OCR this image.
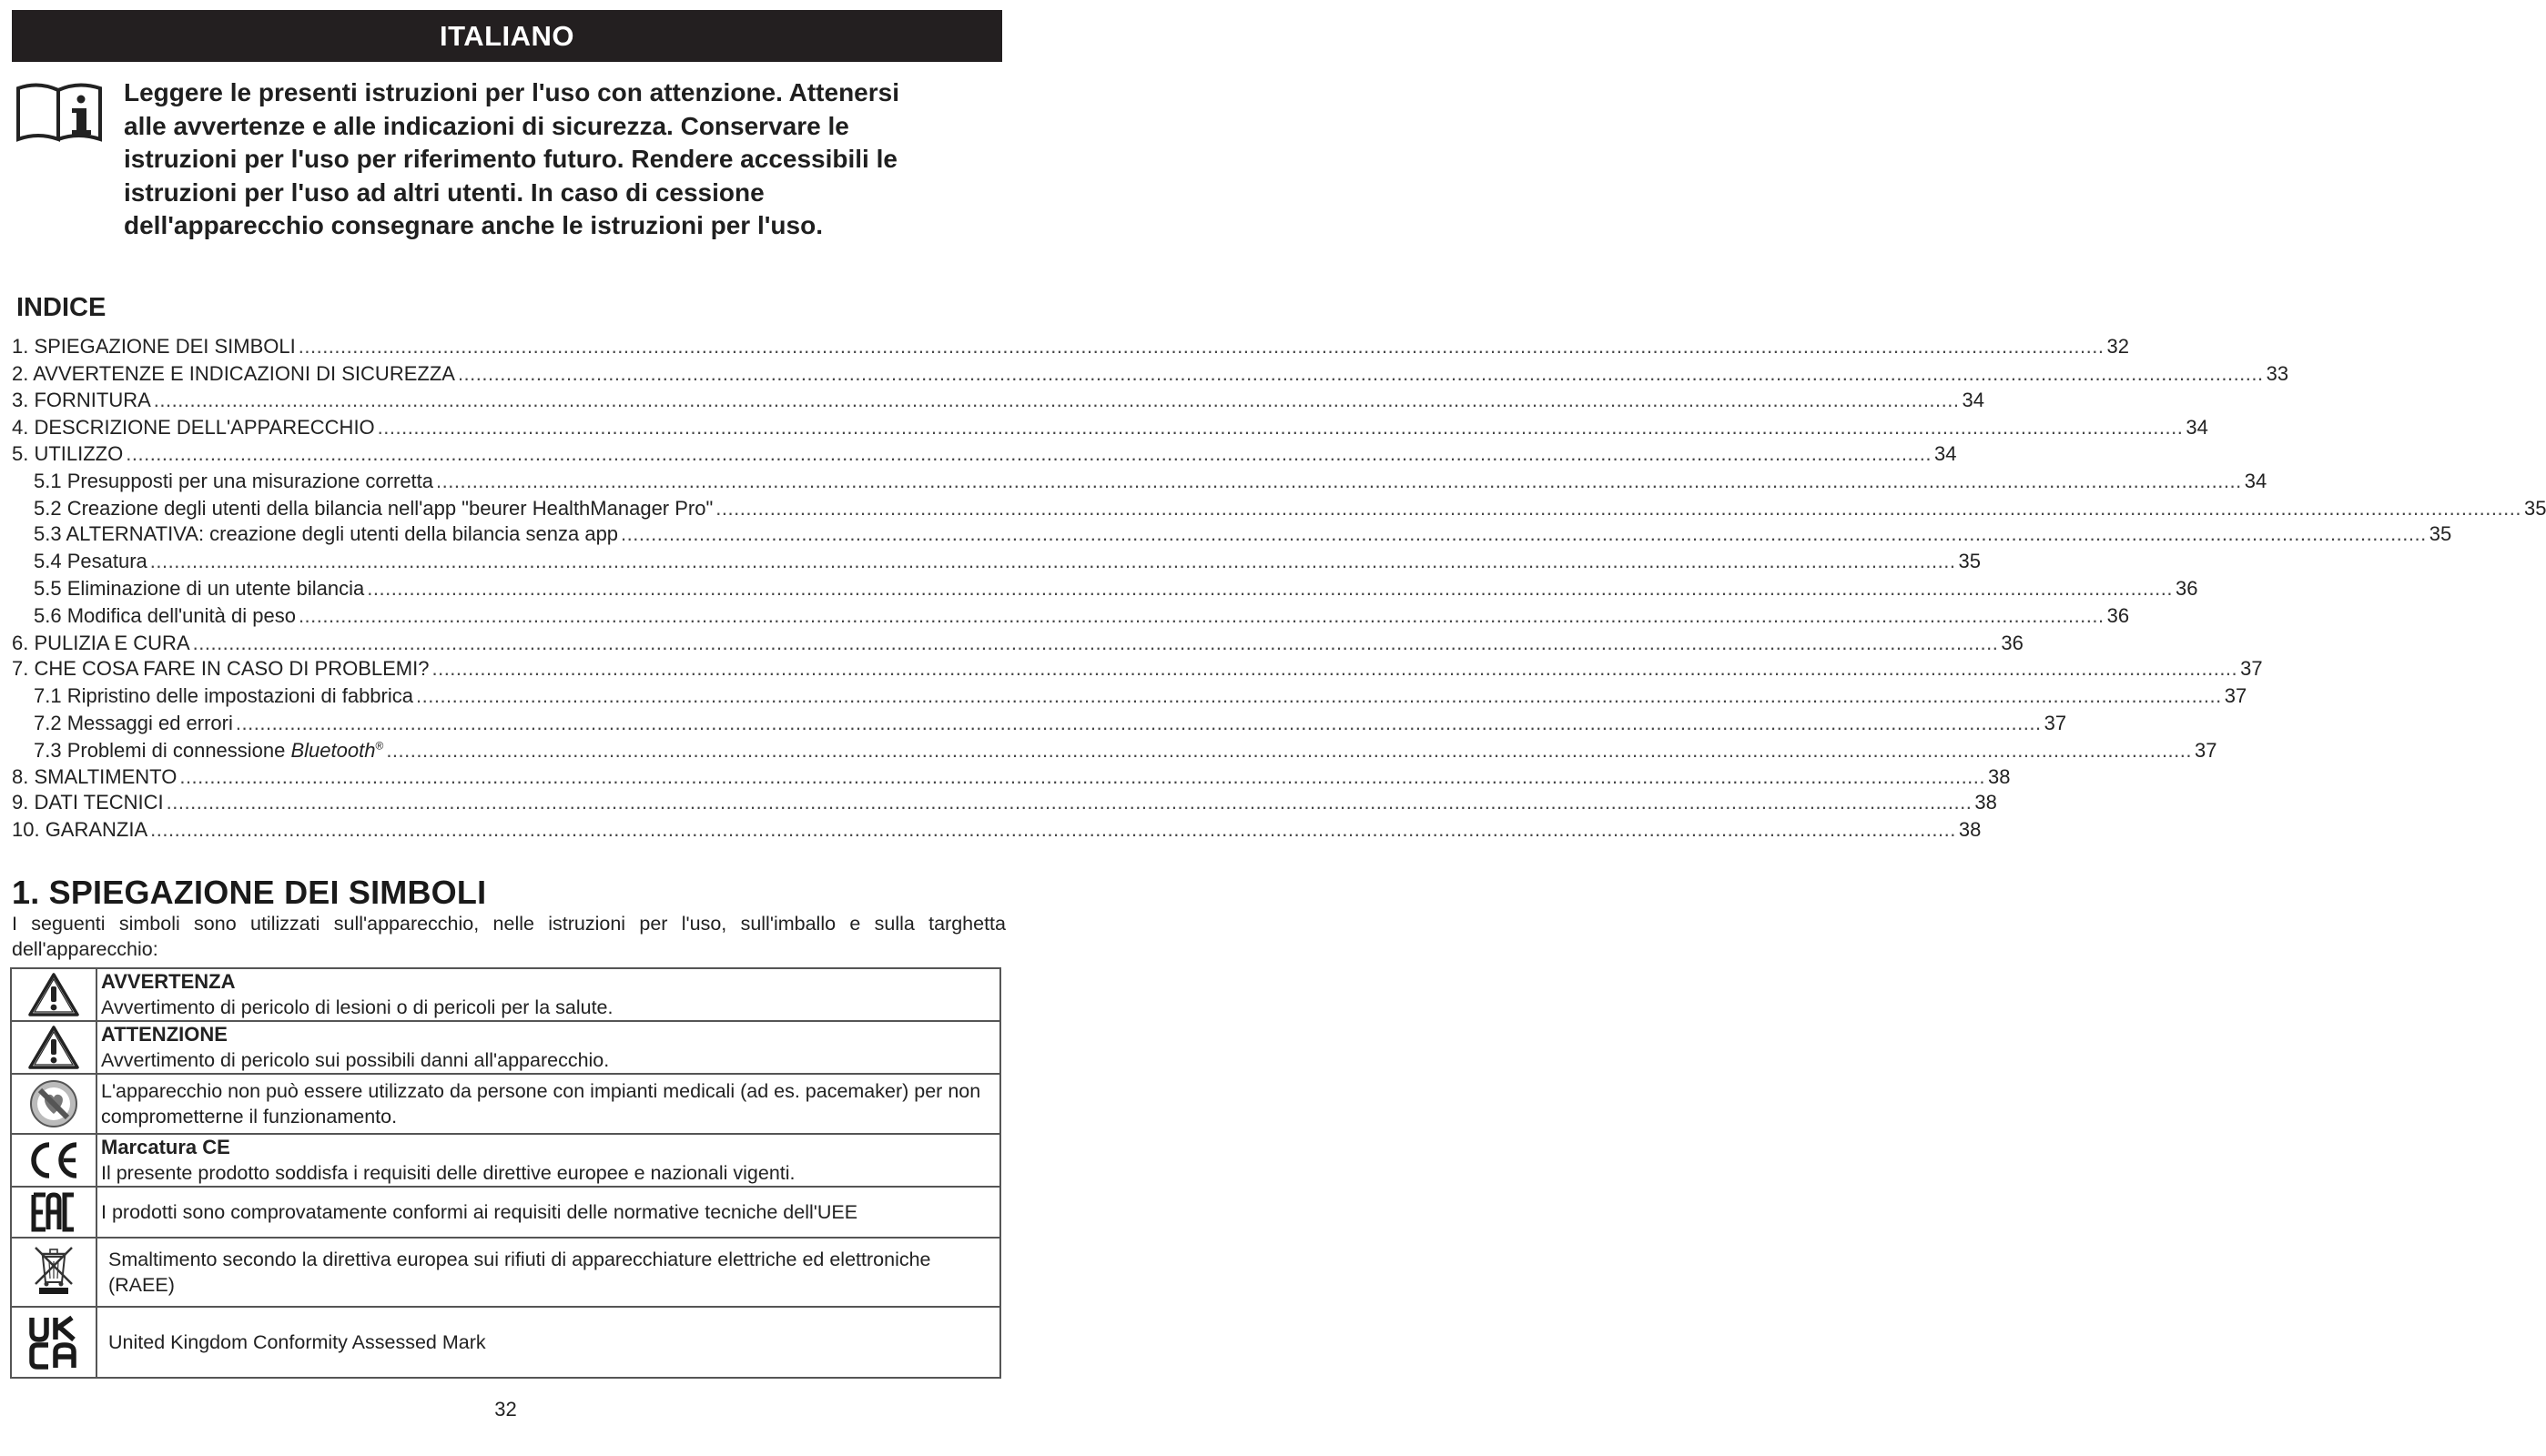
ITALIANO
Leggere le presenti istruzioni per l'uso con attenzione. Attenersi
alle avvertenze e alle indicazioni di sicurezza. Conservare le
istruzioni per l'uso per riferimento futuro. Rendere accessibili le
istruzioni per l'uso ad altri utenti. In caso di cessione
dell'apparecchio consegnare anche le istruzioni per l'uso.
INDICE
1. SPIEGAZIONE DEI SIMBOLI ............................................................................................................................................................................................................................................................................................................ 32
2. AVVERTENZE E INDICAZIONI DI SICUREZZA ............................................................................................................................................................................................................................................................................................................ 33
3. FORNITURA ............................................................................................................................................................................................................................................................................................................ 34
4. DESCRIZIONE DELL'APPARECCHIO ............................................................................................................................................................................................................................................................................................................ 34
5. UTILIZZO ............................................................................................................................................................................................................................................................................................................ 34
5.1 Presupposti per una misurazione corretta ............................................................................................................................................................................................................................................................................................................ 34
5.2 Creazione degli utenti della bilancia nell'app "beurer HealthManager Pro" ............................................................................................................................................................................................................................................................................................................ 35
5.3 ALTERNATIVA: creazione degli utenti della bilancia senza app ............................................................................................................................................................................................................................................................................................................ 35
5.4 Pesatura ............................................................................................................................................................................................................................................................................................................ 35
5.5 Eliminazione di un utente bilancia ............................................................................................................................................................................................................................................................................................................ 36
5.6 Modifica dell'unità di peso ............................................................................................................................................................................................................................................................................................................ 36
6. PULIZIA E CURA ............................................................................................................................................................................................................................................................................................................ 36
7. CHE COSA FARE IN CASO DI PROBLEMI? ............................................................................................................................................................................................................................................................................................................ 37
7.1 Ripristino delle impostazioni di fabbrica ............................................................................................................................................................................................................................................................................................................ 37
7.2 Messaggi ed errori ............................................................................................................................................................................................................................................................................................................ 37
7.3 Problemi di connessione Bluetooth® ............................................................................................................................................................................................................................................................................................................ 37
8. SMALTIMENTO ............................................................................................................................................................................................................................................................................................................ 38
9. DATI TECNICI ............................................................................................................................................................................................................................................................................................................ 38
10. GARANZIA ............................................................................................................................................................................................................................................................................................................ 38
1. SPIEGAZIONE DEI SIMBOLI
I seguenti simboli sono utilizzati sull'apparecchio, nelle istruzioni per l'uso, sull'imballo e sulla targhetta dell'apparecchio:

AVVERTENZA
Avvertimento di pericolo di lesioni o di pericoli per la salute.

ATTENZIONE
Avvertimento di pericolo sui possibili danni all'apparecchio.

L'apparecchio non può essere utilizzato da persone con impianti medicali (ad es. pacemaker) per non comprometterne il funzionamento.

Marcatura CE
Il presente prodotto soddisfa i requisiti delle direttive europee e nazionali vigenti.

I prodotti sono comprovatamente conformi ai requisiti delle normative tecniche dell'UEE

Smaltimento secondo la direttiva europea sui rifiuti di apparecchiature elettriche ed elettroniche (RAEE)

United Kingdom Conformity Assessed Mark
32
